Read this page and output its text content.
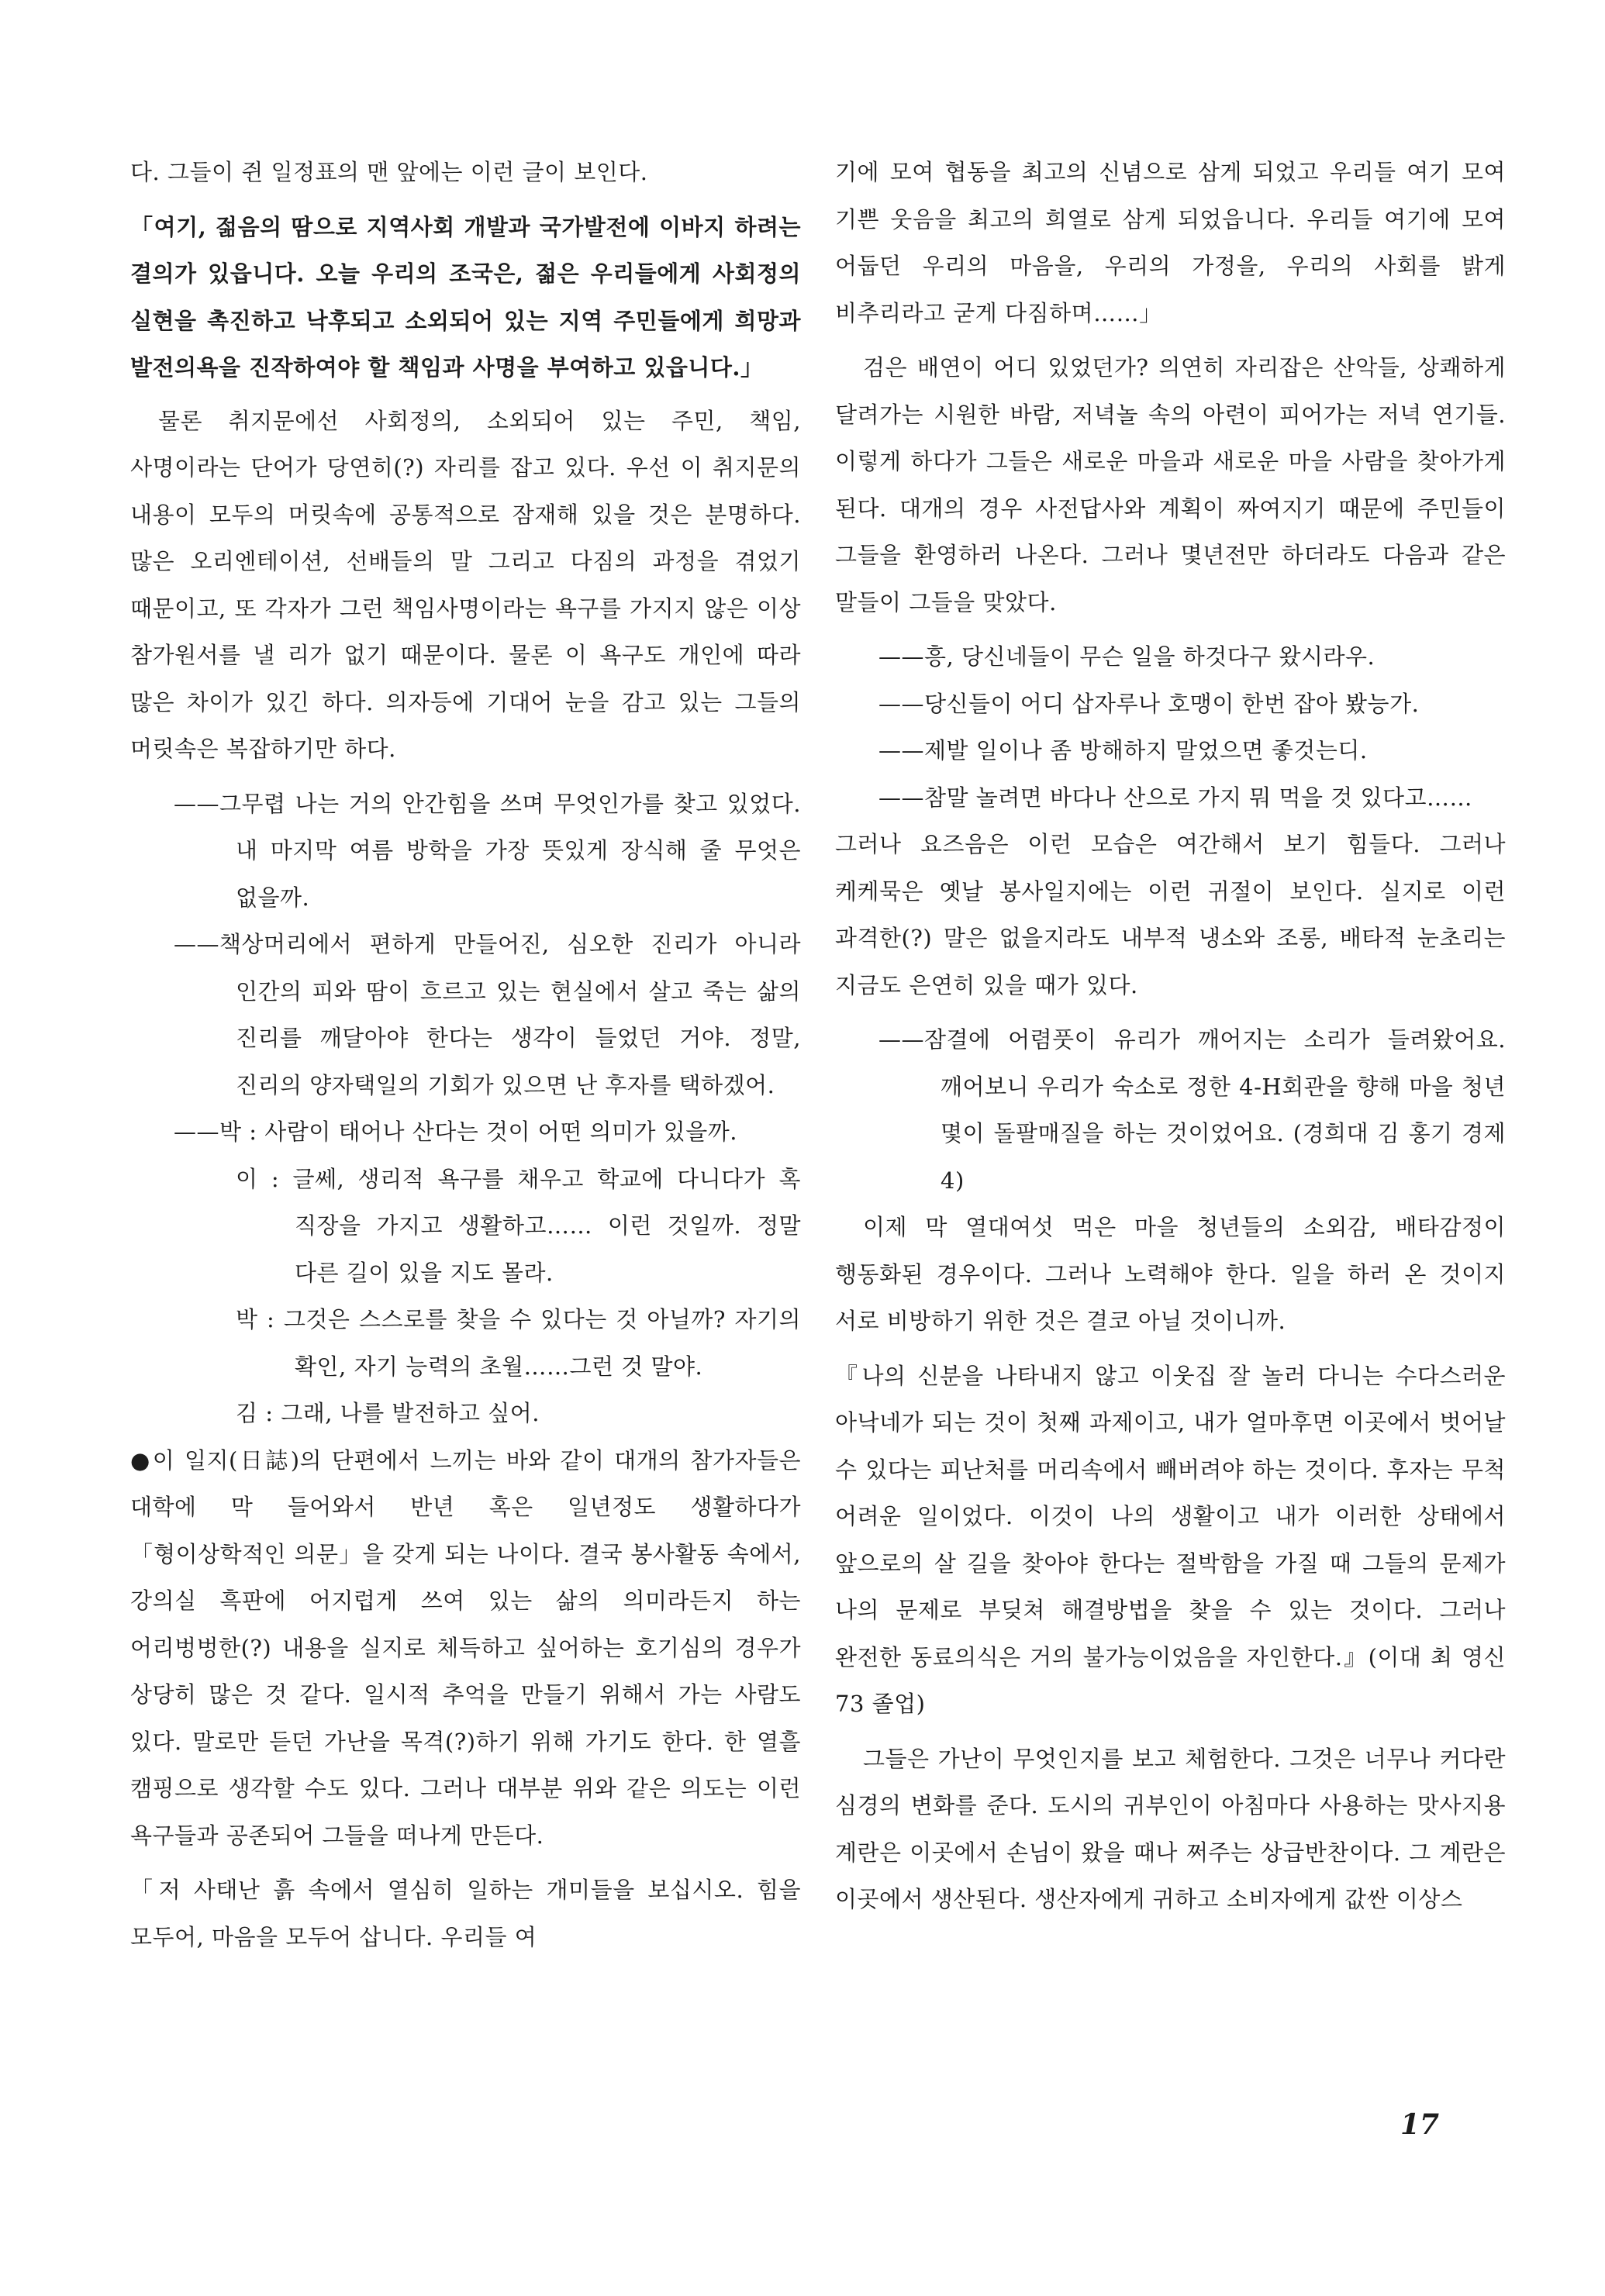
다. 그들이 쥔 일정표의 맨 앞에는 이런 글이 보인다.

「여기, 젊음의 땀으로 지역사회 개발과 국가발전에 이바지 하려는 결의가 있읍니다. 오늘 우리의 조국은, 젊은 우리들에게 사회정의 실현을 촉진하고 낙후되고 소외되어 있는 지역 주민들에게 희망과 발전의욕을 진작하여야 할 책임과 사명을 부여하고 있읍니다.」

물론 취지문에선 사회정의, 소외되어 있는 주민, 책임, 사명이라는 단어가 당연히(?) 자리를 잡고 있다. 우선 이 취지문의 내용이 모두의 머릿속에 공통적으로 잠재해 있을 것은 분명하다. 많은 오리엔테이션, 선배들의 말 그리고 다짐의 과정을 겪었기 때문이고, 또 각자가 그런 책임사명이라는 욕구를 가지지 않은 이상 참가원서를 낼 리가 없기 때문이다. 물론 이 욕구도 개인에 따라 많은 차이가 있긴 하다. 의자등에 기대어 눈을 감고 있는 그들의 머릿속은 복잡하기만 하다.

——그무렵 나는 거의 안간힘을 쓰며 무엇인가를 찾고 있었다. 내 마지막 여름 방학을 가장 뜻있게 장식해 줄 무엇은 없을까.

——책상머리에서 편하게 만들어진, 심오한 진리가 아니라 인간의 피와 땀이 흐르고 있는 현실에서 살고 죽는 삶의 진리를 깨달아야 한다는 생각이 들었던 거야. 정말, 진리의 양자택일의 기회가 있으면 난 후자를 택하겠어.

——박 : 사람이 태어나 산다는 것이 어떤 의미가 있을까.

이 : 글쎄, 생리적 욕구를 채우고 학교에 다니다가 혹 직장을 가지고 생활하고…… 이런 것일까. 정말 다른 길이 있을 지도 몰라.

박 : 그것은 스스로를 찾을 수 있다는 것 아닐까? 자기의 확인, 자기 능력의 초월……그런 것 말야.

김 : 그래, 나를 발전하고 싶어.

●이 일지(日誌)의 단편에서 느끼는 바와 같이 대개의 참가자들은 대학에 막 들어와서 반년 혹은 일년정도 생활하다가 「형이상학적인 의문」을 갖게 되는 나이다. 결국 봉사활동 속에서, 강의실 흑판에 어지럽게 쓰여 있는 삶의 의미라든지 하는 어리벙벙한(?) 내용을 실지로 체득하고 싶어하는 호기심의 경우가 상당히 많은 것 같다. 일시적 추억을 만들기 위해서 가는 사람도 있다. 말로만 듣던 가난을 목격(?)하기 위해 가기도 한다. 한 열흘 캠핑으로 생각할 수도 있다. 그러나 대부분 위와 같은 의도는 이런 욕구들과 공존되어 그들을 떠나게 만든다.

「저 사태난 흙 속에서 열심히 일하는 개미들을 보십시오. 힘을 모두어, 마음을 모두어 삽니다. 우리들 여

기에 모여 협동을 최고의 신념으로 삼게 되었고 우리들 여기 모여 기쁜 웃음을 최고의 희열로 삼게 되었읍니다. 우리들 여기에 모여 어둡던 우리의 마음을, 우리의 가정을, 우리의 사회를 밝게 비추리라고 굳게 다짐하며……」

검은 배연이 어디 있었던가? 의연히 자리잡은 산악들, 상쾌하게 달려가는 시원한 바람, 저녁놀 속의 아련이 피어가는 저녁 연기들. 이렇게 하다가 그들은 새로운 마을과 새로운 마을 사람을 찾아가게 된다. 대개의 경우 사전답사와 계획이 짜여지기 때문에 주민들이 그들을 환영하러 나온다. 그러나 몇년전만 하더라도 다음과 같은 말들이 그들을 맞았다.

——흥, 당신네들이 무슨 일을 하것다구 왔시라우.

——당신들이 어디 삽자루나 호맹이 한번 잡아 봤능가.

——제발 일이나 좀 방해하지 말었으면 좋것는디.

——참말 놀려면 바다나 산으로 가지 뭐 먹을 것 있다고……

그러나 요즈음은 이런 모습은 여간해서 보기 힘들다. 그러나 케케묵은 옛날 봉사일지에는 이런 귀절이 보인다. 실지로 이런 과격한(?) 말은 없을지라도 내부적 냉소와 조롱, 배타적 눈초리는 지금도 은연히 있을 때가 있다.

——잠결에 어렴풋이 유리가 깨어지는 소리가 들려왔어요. 깨어보니 우리가 숙소로 정한 4-H회관을 향해 마을 청년 몇이 돌팔매질을 하는 것이었어요. (경희대 김 홍기 경제 4)

이제 막 열대여섯 먹은 마을 청년들의 소외감, 배타감정이 행동화된 경우이다. 그러나 노력해야 한다. 일을 하러 온 것이지 서로 비방하기 위한 것은 결코 아닐 것이니까.

『나의 신분을 나타내지 않고 이웃집 잘 놀러 다니는 수다스러운 아낙네가 되는 것이 첫째 과제이고, 내가 얼마후면 이곳에서 벗어날 수 있다는 피난처를 머리속에서 빼버려야 하는 것이다. 후자는 무척 어려운 일이었다. 이것이 나의 생활이고 내가 이러한 상태에서 앞으로의 살 길을 찾아야 한다는 절박함을 가질 때 그들의 문제가 나의 문제로 부딪쳐 해결방법을 찾을 수 있는 것이다. 그러나 완전한 동료의식은 거의 불가능이었음을 자인한다.』(이대 최 영신 73 졸업)

그들은 가난이 무엇인지를 보고 체험한다. 그것은 너무나 커다란 심경의 변화를 준다. 도시의 귀부인이 아침마다 사용하는 맛사지용 계란은 이곳에서 손님이 왔을 때나 쩌주는 상급반찬이다. 그 계란은 이곳에서 생산된다. 생산자에게 귀하고 소비자에게 값싼 이상스

17
